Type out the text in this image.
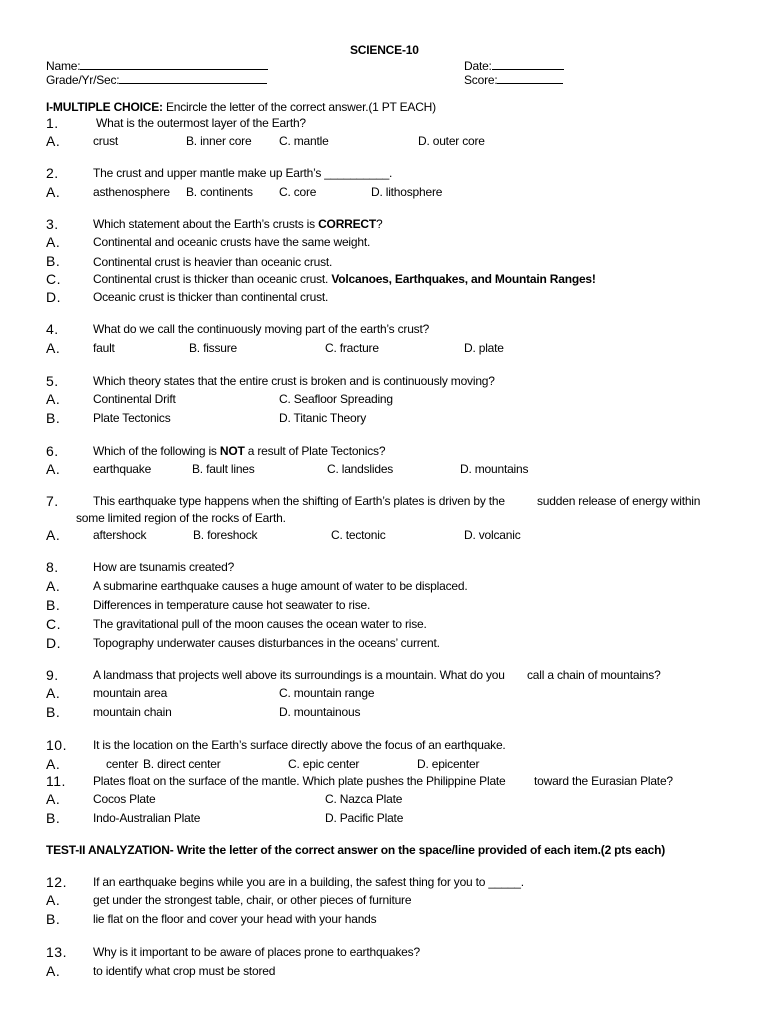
SCIENCE-10
Name:
Grade/Yr/Sec:
Date:
Score:
I-MULTIPLE CHOICE: Encircle the letter of the correct answer.(1 PT EACH)
1.	What is the outermost layer of the Earth?
A.	crust	B. inner core C. mantle	D. outer core
2.	The crust and upper mantle make up Earth’s __________.
A.	asthenosphere B. continents C. core	D. lithosphere
3.	Which statement about the Earth’s crusts is CORRECT?
A.	Continental and oceanic crusts have the same weight.
B.	Continental crust is heavier than oceanic crust.
C.	Continental crust is thicker than oceanic crust. Volcanoes, Earthquakes, and Mountain Ranges!
D.	Oceanic crust is thicker than continental crust.
4.	What do we call the continuously moving part of the earth’s crust?
A.	fault	B. fissure	C. fracture	D. plate
5.	Which theory states that the entire crust is broken and is continuously moving?
A.	Continental Drift	C. Seafloor Spreading
B.	Plate Tectonics	D. Titanic Theory
6.	Which of the following is NOT a result of Plate Tectonics?
A.	earthquake	B. fault lines	C. landslides	D. mountains
7.	This earthquake type happens when the shifting of Earth’s plates is driven by the	sudden release of energy within
some limited region of the rocks of Earth.
A.	aftershock	B. foreshock	C. tectonic	D. volcanic
8.	How are tsunamis created?
A.	A submarine earthquake causes a huge amount of water to be displaced.
B.	Differences in temperature cause hot seawater to rise.
C.	The gravitational pull of the moon causes the ocean water to rise.
D.	Topography underwater causes disturbances in the oceans’ current.
9.	A landmass that projects well above its surroundings is a mountain. What do you call a chain of mountains?
A.	mountain area	C. mountain range
B.	mountain chain	D. mountainous
10. It is the location on the Earth’s surface directly above the focus of an earthquake.
A.	center B. direct center	C. epic center	D. epicenter
11. Plates float on the surface of the mantle. Which plate pushes the Philippine Plate toward the Eurasian Plate?
A.	Cocos Plate	C. Nazca Plate
B.	Indo-Australian Plate	D. Pacific Plate
TEST-II ANALYZATION- Write the letter of the correct answer on the space/line provided of each item.(2 pts each)
12. If an earthquake begins while you are in a building, the safest thing for you to _____.
A.	get under the strongest table, chair, or other pieces of furniture
B.	lie flat on the floor and cover your head with your hands
13. Why is it important to be aware of places prone to earthquakes?
A.	to identify what crop must be stored
